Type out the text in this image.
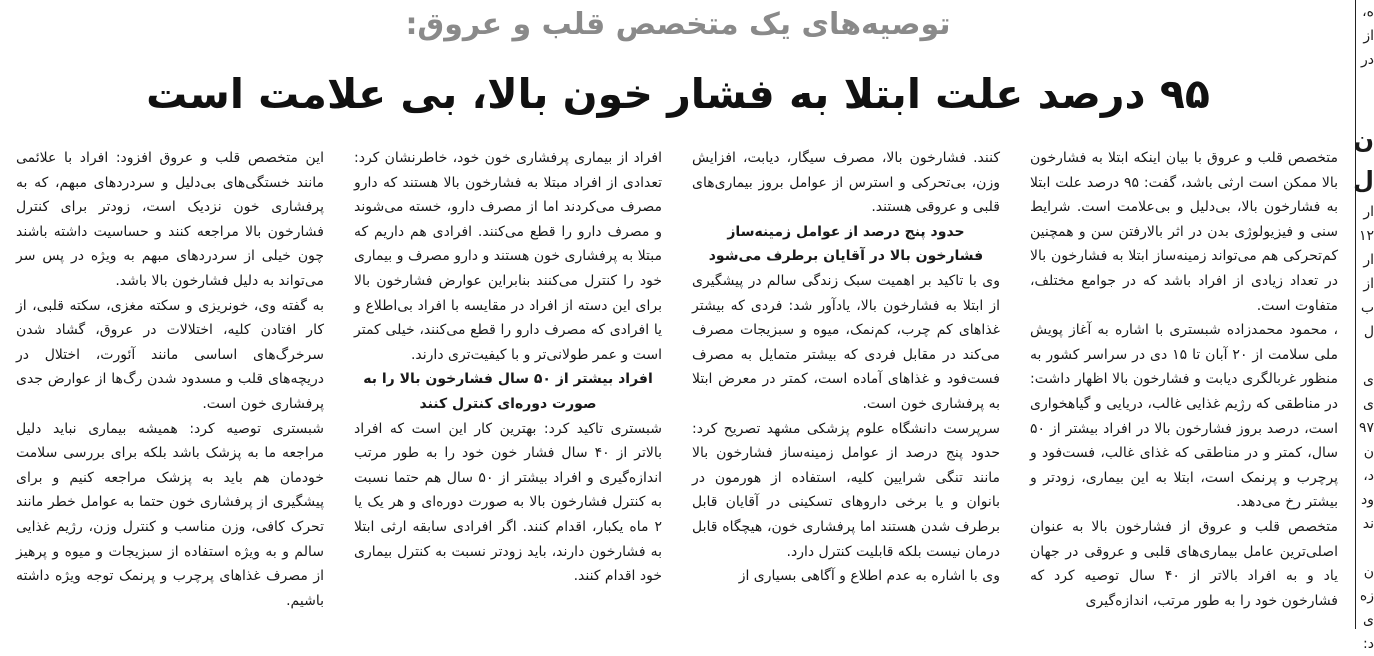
توصیه‌های یک متخصص قلب و عروق:
۹۵ درصد علت ابتلا به فشار خون بالا، بی علامت است

متخصص قلب و عروق با بیان اینکه ابتلا به فشارخون بالا ممکن است ارثی باشد، گفت: ۹۵ درصد علت ابتلا به فشارخون بالا، بی‌دلیل و بی‌علامت است. شرایط سنی و فیزیولوژی بدن در اثر بالارفتن سن و همچنین کم‌تحرکی هم می‌تواند زمینه‌ساز ابتلا به فشارخون بالا در تعداد زیادی از افراد باشد که در جوامع مختلف، متفاوت است.

، محمود محمدزاده شبستری با اشاره به آغاز پویش ملی سلامت از ۲۰ آبان تا ۱۵ دی در سراسر کشور به منظور غربالگری دیابت و فشارخون بالا اظهار داشت: در مناطقی که رژیم غذایی غالب، دریایی و گیاهخواری است، درصد بروز فشارخون بالا در افراد بیشتر از ۵۰ سال، کمتر و در مناطقی که غذای غالب، فست‌فود و پرچرب و پرنمک است، ابتلا به این بیماری، زودتر و بیشتر رخ می‌دهد.

متخصص قلب و عروق از فشارخون بالا به عنوان اصلی‌ترین عامل بیماری‌های قلبی و عروقی در جهان یاد و به افراد بالاتر از ۴۰ سال توصیه کرد که فشارخون خود را به طور مرتب، اندازه‌گیری

کنند. فشارخون بالا، مصرف سیگار، دیابت، افزایش وزن، بی‌تحرکی و استرس از عوامل بروز بیماری‌های قلبی و عروقی هستند.

حدود پنج درصد از عوامل زمینه‌ساز فشارخون بالا در آقایان برطرف می‌شود

وی با تاکید بر اهمیت سبک زندگی سالم در پیشگیری از ابتلا به فشارخون بالا، یادآور شد: فردی که بیشتر غذاهای کم چرب، کم‌نمک، میوه و سبزیجات مصرف می‌کند در مقابل فردی که بیشتر متمایل به مصرف فست‌فود و غذاهای آماده است، کمتر در معرض ابتلا به پرفشاری خون است.

سرپرست دانشگاه علوم پزشکی مشهد تصریح کرد: حدود پنج درصد از عوامل زمینه‌ساز فشارخون بالا مانند تنگی شرایین کلیه، استفاده از هورمون در بانوان و یا برخی داروهای تسکینی در آقایان قابل برطرف شدن هستند اما پرفشاری خون، هیچگاه قابل درمان نیست بلکه قابلیت کنترل دارد.

وی با اشاره به عدم اطلاع و آگاهی بسیاری از

افراد از بیماری پرفشاری خون خود، خاطرنشان کرد: تعدادی از افراد مبتلا به فشارخون بالا هستند که دارو مصرف می‌کردند اما از مصرف دارو، خسته می‌شوند و مصرف دارو را قطع می‌کنند. افرادی هم داریم که مبتلا به پرفشاری خون هستند و دارو مصرف و بیماری خود را کنترل می‌کنند بنابراین عوارض فشارخون بالا برای این دسته از افراد در مقایسه با افراد بی‌اطلاع و یا افرادی که مصرف دارو را قطع می‌کنند، خیلی کمتر است و عمر طولانی‌تر و با کیفیت‌تری دارند.

افراد بیشتر از ۵۰ سال فشارخون بالا را به صورت دوره‌ای کنترل کنند

شبستری تاکید کرد: بهترین کار این است که افراد بالاتر از ۴۰ سال فشار خون خود را به طور مرتب اندازه‌گیری و افراد بیشتر از ۵۰ سال هم حتما نسبت به کنترل فشارخون بالا به صورت دوره‌ای و هر یک یا ۲ ماه یکبار، اقدام کنند. اگر افرادی سابقه ارثی ابتلا به فشارخون دارند، باید زودتر نسبت به کنترل بیماری خود اقدام کنند.

این متخصص قلب و عروق افزود: افراد با علائمی مانند خستگی‌های بی‌دلیل و سردردهای مبهم، که به پرفشاری خون نزدیک است، زودتر برای کنترل فشارخون بالا مراجعه کنند و حساسیت داشته باشند چون خیلی از سردردهای مبهم به ویژه در پس سر می‌تواند به دلیل فشارخون بالا باشد.

به گفته وی، خونریزی و سکته مغزی، سکته قلبی، از کار افتادن کلیه، اختلالات در عروق، گشاد شدن سرخرگ‌های اساسی مانند آئورت، اختلال در دریچه‌های قلب و مسدود شدن رگ‌ها از عوارض جدی پرفشاری خون است.

شبستری توصیه کرد: همیشه بیماری نباید دلیل مراجعه ما به پزشک باشد بلکه برای بررسی سلامت خودمان هم باید به پزشک مراجعه کنیم و برای پیشگیری از پرفشاری خون حتما به عوامل خطر مانند تحرک کافی، وزن مناسب و کنترل وزن، رژیم غذایی سالم و به ویژه استفاده از سبزیجات و میوه و پرهیز از مصرف غذاهای پرچرب و پرنمک توجه ویژه داشته باشیم.

ه،
از
در
ن
ل
ار
۱۲
ار
از
ب
ل
ی
ی
۹۷
ن
د،
ود
ند
ن
زه
ی
د:
